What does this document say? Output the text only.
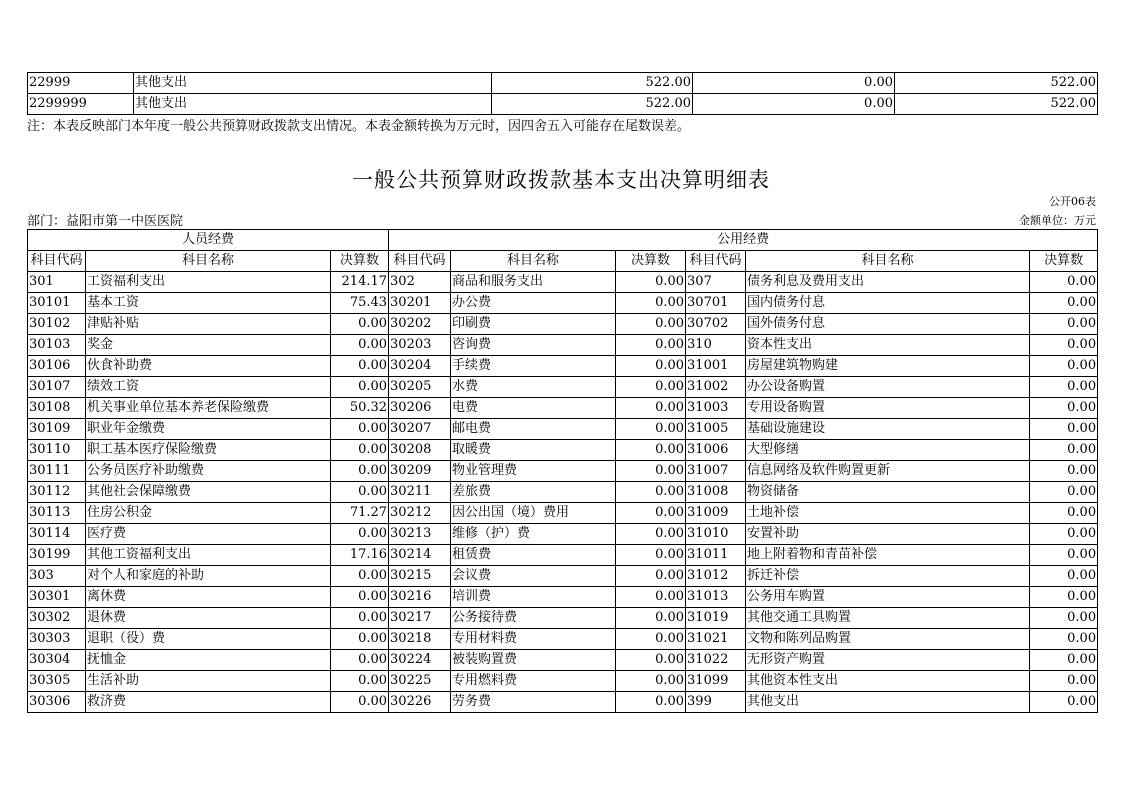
22999	其他支出	522.00	0.00	522.00
2299999	其他支出	522.00	0.00	522.00
注：本表反映部门本年度一般公共预算财政拨款支出情况。本表金额转换为万元时，因四舍五入可能存在尾数误差。
一般公共预算财政拨款基本支出决算明细表
公开06表
部门：益阳市第一中医医院	金额单位：万元
人员经费			公用经费					
科目代码	科目名称	决算数	科目代码	科目名称	决算数	科目代码	科目名称	决算数
301	工资福利支出	214.17	302	商品和服务支出	0.00	307	债务利息及费用支出	0.00
30101	基本工资	75.43	30201	办公费	0.00	30701	国内债务付息	0.00
30102	津贴补贴	0.00	30202	印刷费	0.00	30702	国外债务付息	0.00
30103	奖金	0.00	30203	咨询费	0.00	310	资本性支出	0.00
30106	伙食补助费	0.00	30204	手续费	0.00	31001	房屋建筑物购建	0.00
30107	绩效工资	0.00	30205	水费	0.00	31002	办公设备购置	0.00
30108	机关事业单位基本养老保险缴费	50.32	30206	电费	0.00	31003	专用设备购置	0.00
30109	职业年金缴费	0.00	30207	邮电费	0.00	31005	基础设施建设	0.00
30110	职工基本医疗保险缴费	0.00	30208	取暖费	0.00	31006	大型修缮	0.00
30111	公务员医疗补助缴费	0.00	30209	物业管理费	0.00	31007	信息网络及软件购置更新	0.00
30112	其他社会保障缴费	0.00	30211	差旅费	0.00	31008	物资储备	0.00
30113	住房公积金	71.27	30212	因公出国（境）费用	0.00	31009	土地补偿	0.00
30114	医疗费	0.00	30213	维修（护）费	0.00	31010	安置补助	0.00
30199	其他工资福利支出	17.16	30214	租赁费	0.00	31011	地上附着物和青苗补偿	0.00
303	对个人和家庭的补助	0.00	30215	会议费	0.00	31012	拆迁补偿	0.00
30301	离休费	0.00	30216	培训费	0.00	31013	公务用车购置	0.00
30302	退休费	0.00	30217	公务接待费	0.00	31019	其他交通工具购置	0.00
30303	退职（役）费	0.00	30218	专用材料费	0.00	31021	文物和陈列品购置	0.00
30304	抚恤金	0.00	30224	被装购置费	0.00	31022	无形资产购置	0.00
30305	生活补助	0.00	30225	专用燃料费	0.00	31099	其他资本性支出	0.00
30306	救济费	0.00	30226	劳务费	0.00	399	其他支出	0.00
